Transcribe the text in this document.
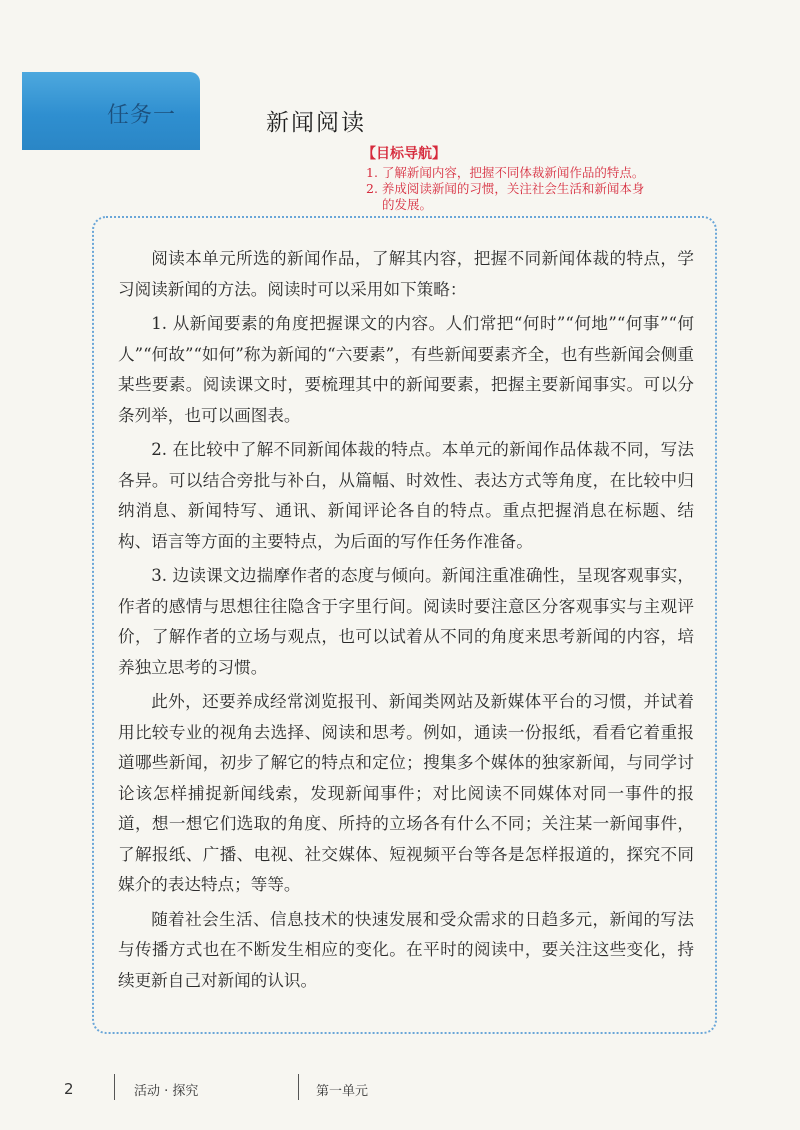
任务一	新闻阅读
【目标导航】
1. 了解新闻内容，把握不同体裁新闻作品的特点。
2. 养成阅读新闻的习惯，关注社会生活和新闻本身
的发展。

阅读本单元所选的新闻作品，了解其内容，把握不同新闻体裁的特点，学习阅读新闻的方法。阅读时可以采用如下策略：

1. 从新闻要素的角度把握课文的内容。人们常把“何时”“何地”“何事”“何人”“何故”“如何”称为新闻的“六要素”，有些新闻要素齐全，也有些新闻会侧重某些要素。阅读课文时，要梳理其中的新闻要素，把握主要新闻事实。可以分条列举，也可以画图表。

2. 在比较中了解不同新闻体裁的特点。本单元的新闻作品体裁不同，写法各异。可以结合旁批与补白，从篇幅、时效性、表达方式等角度，在比较中归纳消息、新闻特写、通讯、新闻评论各自的特点。重点把握消息在标题、结构、语言等方面的主要特点，为后面的写作任务作准备。

3. 边读课文边揣摩作者的态度与倾向。新闻注重准确性，呈现客观事实，作者的感情与思想往往隐含于字里行间。阅读时要注意区分客观事实与主观评价，了解作者的立场与观点，也可以试着从不同的角度来思考新闻的内容，培养独立思考的习惯。

此外，还要养成经常浏览报刊、新闻类网站及新媒体平台的习惯，并试着用比较专业的视角去选择、阅读和思考。例如，通读一份报纸，看看它着重报道哪些新闻，初步了解它的特点和定位；搜集多个媒体的独家新闻，与同学讨论该怎样捕捉新闻线索，发现新闻事件；对比阅读不同媒体对同一事件的报道，想一想它们选取的角度、所持的立场各有什么不同；关注某一新闻事件，了解报纸、广播、电视、社交媒体、短视频平台等各是怎样报道的，探究不同媒介的表达特点；等等。

随着社会生活、信息技术的快速发展和受众需求的日趋多元，新闻的写法与传播方式也在不断发生相应的变化。在平时的阅读中，要关注这些变化，持续更新自己对新闻的认识。

2	活动 · 探究	第一单元
